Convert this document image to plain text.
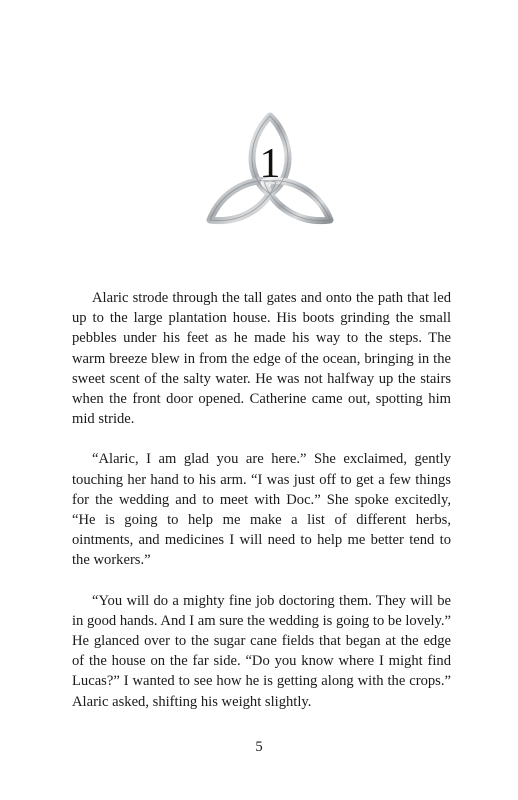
1

Alaric strode through the tall gates and onto the path that led up to the large plantation house. His boots grinding the small pebbles under his feet as he made his way to the steps. The warm breeze blew in from the edge of the ocean, bringing in the sweet scent of the salty water. He was not halfway up the stairs when the front door opened. Catherine came out, spotting him mid stride.

“Alaric, I am glad you are here.” She exclaimed, gently touching her hand to his arm. “I was just off to get a few things for the wedding and to meet with Doc.” She spoke excitedly, “He is going to help me make a list of different herbs, ointments, and medicines I will need to help me better tend to the workers.”

“You will do a mighty fine job doctoring them. They will be in good hands. And I am sure the wedding is going to be lovely.” He glanced over to the sugar cane fields that began at the edge of the house on the far side. “Do you know where I might find Lucas?” I wanted to see how he is getting along with the crops.” Alaric asked, shifting his weight slightly.

5
